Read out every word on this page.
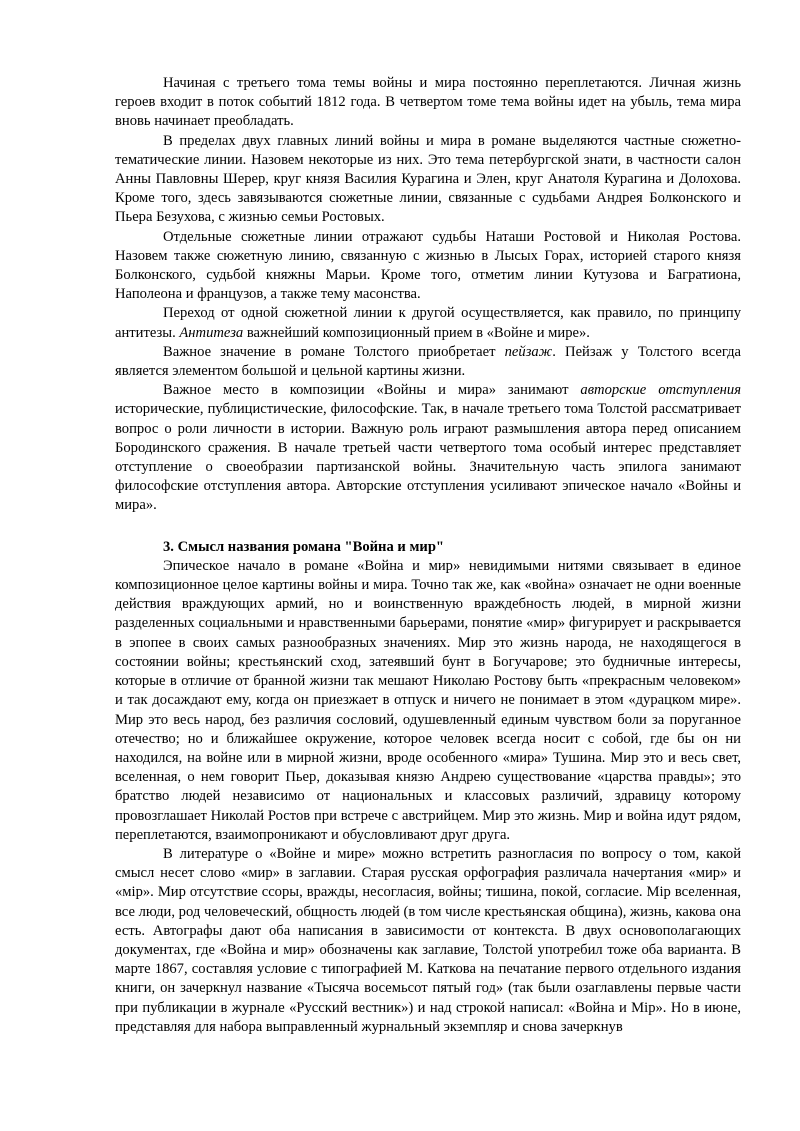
Начиная с третьего тома темы войны и мира постоянно переплетаются. Личная жизнь героев входит в поток событий 1812 года. В четвертом томе тема войны идет на убыль, тема мира вновь начинает преобладать.

В пределах двух главных линий войны и мира в романе выделяются частные сюжетно-тематические линии. Назовем некоторые из них. Это тема петербургской знати, в частности салон Анны Павловны Шерер, круг князя Василия Курагина и Элен, круг Анатоля Курагина и Долохова. Кроме того, здесь завязываются сюжетные линии, связанные с судьбами Андрея Болконского и Пьера Безухова, с жизнью семьи Ростовых.

Отдельные сюжетные линии отражают судьбы Наташи Ростовой и Николая Ростова. Назовем также сюжетную линию, связанную с жизнью в Лысых Горах, историей старого князя Болконского, судьбой княжны Марьи. Кроме того, отметим линии Кутузова и Багратиона, Наполеона и французов, а также тему масонства.

Переход от одной сюжетной линии к другой осуществляется, как правило, по принципу антитезы. Антитеза важнейший композиционный прием в «Войне и мире».

Важное значение в романе Толстого приобретает пейзаж. Пейзаж у Толстого всегда является элементом большой и цельной картины жизни.

Важное место в композиции «Войны и мира» занимают авторские отступления исторические, публицистические, философские. Так, в начале третьего тома Толстой рассматривает вопрос о роли личности в истории. Важную роль играют размышления автора перед описанием Бородинского сражения. В начале третьей части четвертого тома особый интерес представляет отступление о своеобразии партизанской войны. Значительную часть эпилога занимают философские отступления автора. Авторские отступления усиливают эпическое начало «Войны и мира».

3. Смысл названия романа "Война и мир"

Эпическое начало в романе «Война и мир» невидимыми нитями связывает в единое композиционное целое картины войны и мира. Точно так же, как «война» означает не одни военные действия враждующих армий, но и воинственную враждебность людей, в мирной жизни разделенных социальными и нравственными барьерами, понятие «мир» фигурирует и раскрывается в эпопее в своих самых разнообразных значениях. Мир это жизнь народа, не находящегося в состоянии войны; крестьянский сход, затеявший бунт в Богучарове; это будничные интересы, которые в отличие от бранной жизни так мешают Николаю Ростову быть «прекрасным человеком» и так досаждают ему, когда он приезжает в отпуск и ничего не понимает в этом «дурацком мире». Мир это весь народ, без различия сословий, одушевленный единым чувством боли за поруганное отечество; но и ближайшее окружение, которое человек всегда носит с собой, где бы он ни находился, на войне или в мирной жизни, вроде особенного «мира» Тушина. Мир это и весь свет, вселенная, о нем говорит Пьер, доказывая князю Андрею существование «царства правды»; это братство людей независимо от национальных и классовых различий, здравицу которому провозглашает Николай Ростов при встрече с австрийцем. Мир это жизнь. Мир и война идут рядом, переплетаются, взаимопроникают и обусловливают друг друга.

В литературе о «Войне и мире» можно встретить разногласия по вопросу о том, какой смысл несет слово «мир» в заглавии. Старая русская орфография различала начертания «мир» и «мiр». Мир отсутствие ссоры, вражды, несогласия, войны; тишина, покой, согласие. Мiр вселенная, все люди, род человеческий, общность людей (в том числе крестьянская община), жизнь, какова она есть. Автографы дают оба написания в зависимости от контекста. В двух основополагающих документах, где «Война и мир» обозначены как заглавие, Толстой употребил тоже оба варианта. В марте 1867, составляя условие с типографией М. Каткова на печатание первого отдельного издания книги, он зачеркнул название «Тысяча восемьсот пятый год» (так были озаглавлены первые части при публикации в журнале «Русский вестник») и над строкой написал: «Война и Мiр». Но в июне, представляя для набора выправленный журнальный экземпляр и снова зачеркнув
